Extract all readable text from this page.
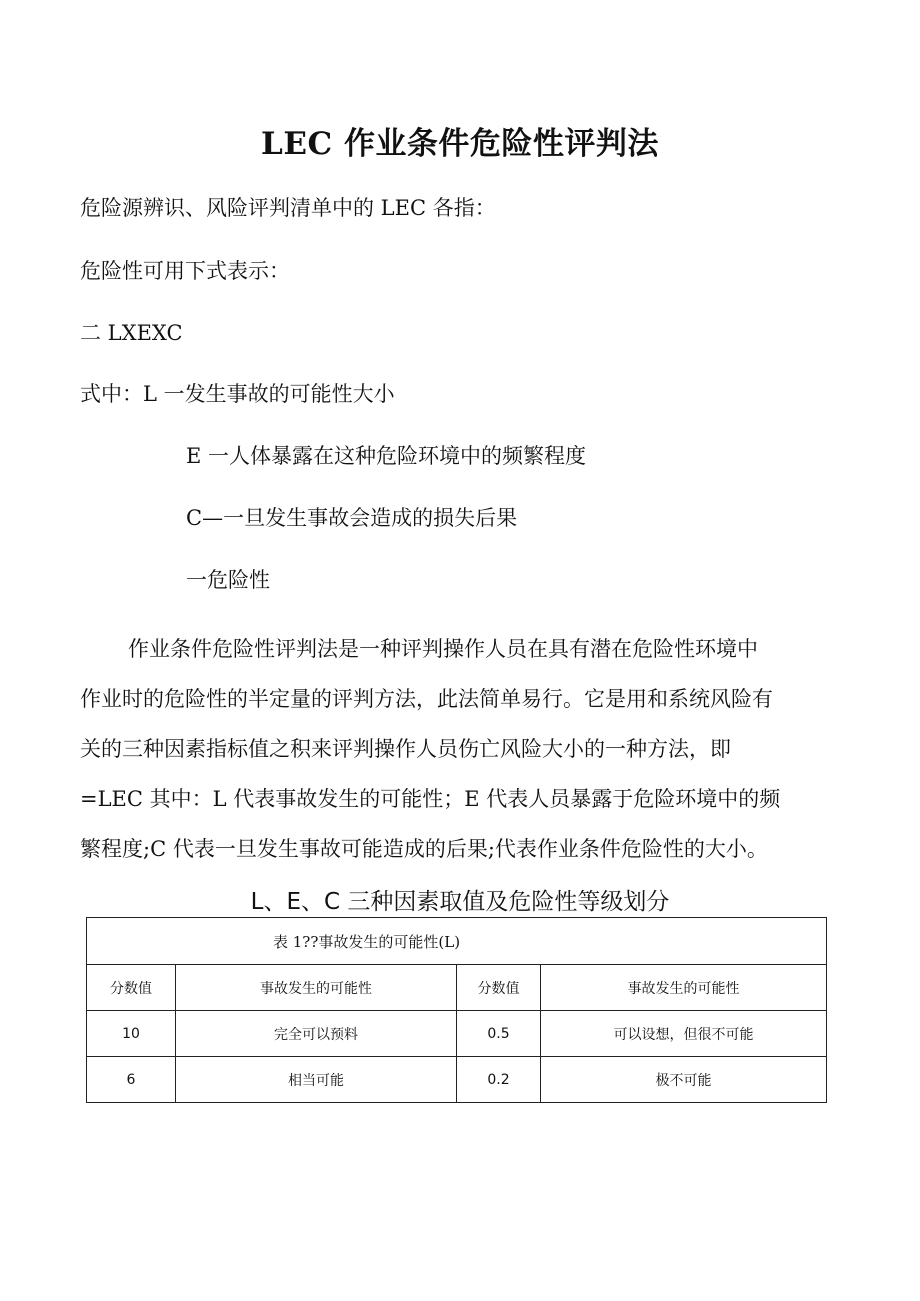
LEC 作业条件危险性评判法
危险源辨识、风险评判清单中的 LEC 各指：
危险性可用下式表示：
二 LXEXC
式中：L 一发生事故的可能性大小
E 一人体暴露在这种危险环境中的频繁程度
C—一旦发生事故会造成的损失后果
一危险性
作业条件危险性评判法是一种评判操作人员在具有潜在危险性环境中
作业时的危险性的半定量的评判方法，此法简单易行。它是用和系统风险有
关的三种因素指标值之积来评判操作人员伤亡风险大小的一种方法，即
=LEC 其中：L 代表事故发生的可能性；E 代表人员暴露于危险环境中的频
繁程度;C 代表一旦发生事故可能造成的后果;代表作业条件危险性的大小。
L、E、C 三种因素取值及危险性等级划分
表 1??事故发生的可能性(L)			
分数值	事故发生的可能性	分数值	事故发生的可能性
10	完全可以预料	0.5	可以设想，但很不可能
6	相当可能	0.2	极不可能
